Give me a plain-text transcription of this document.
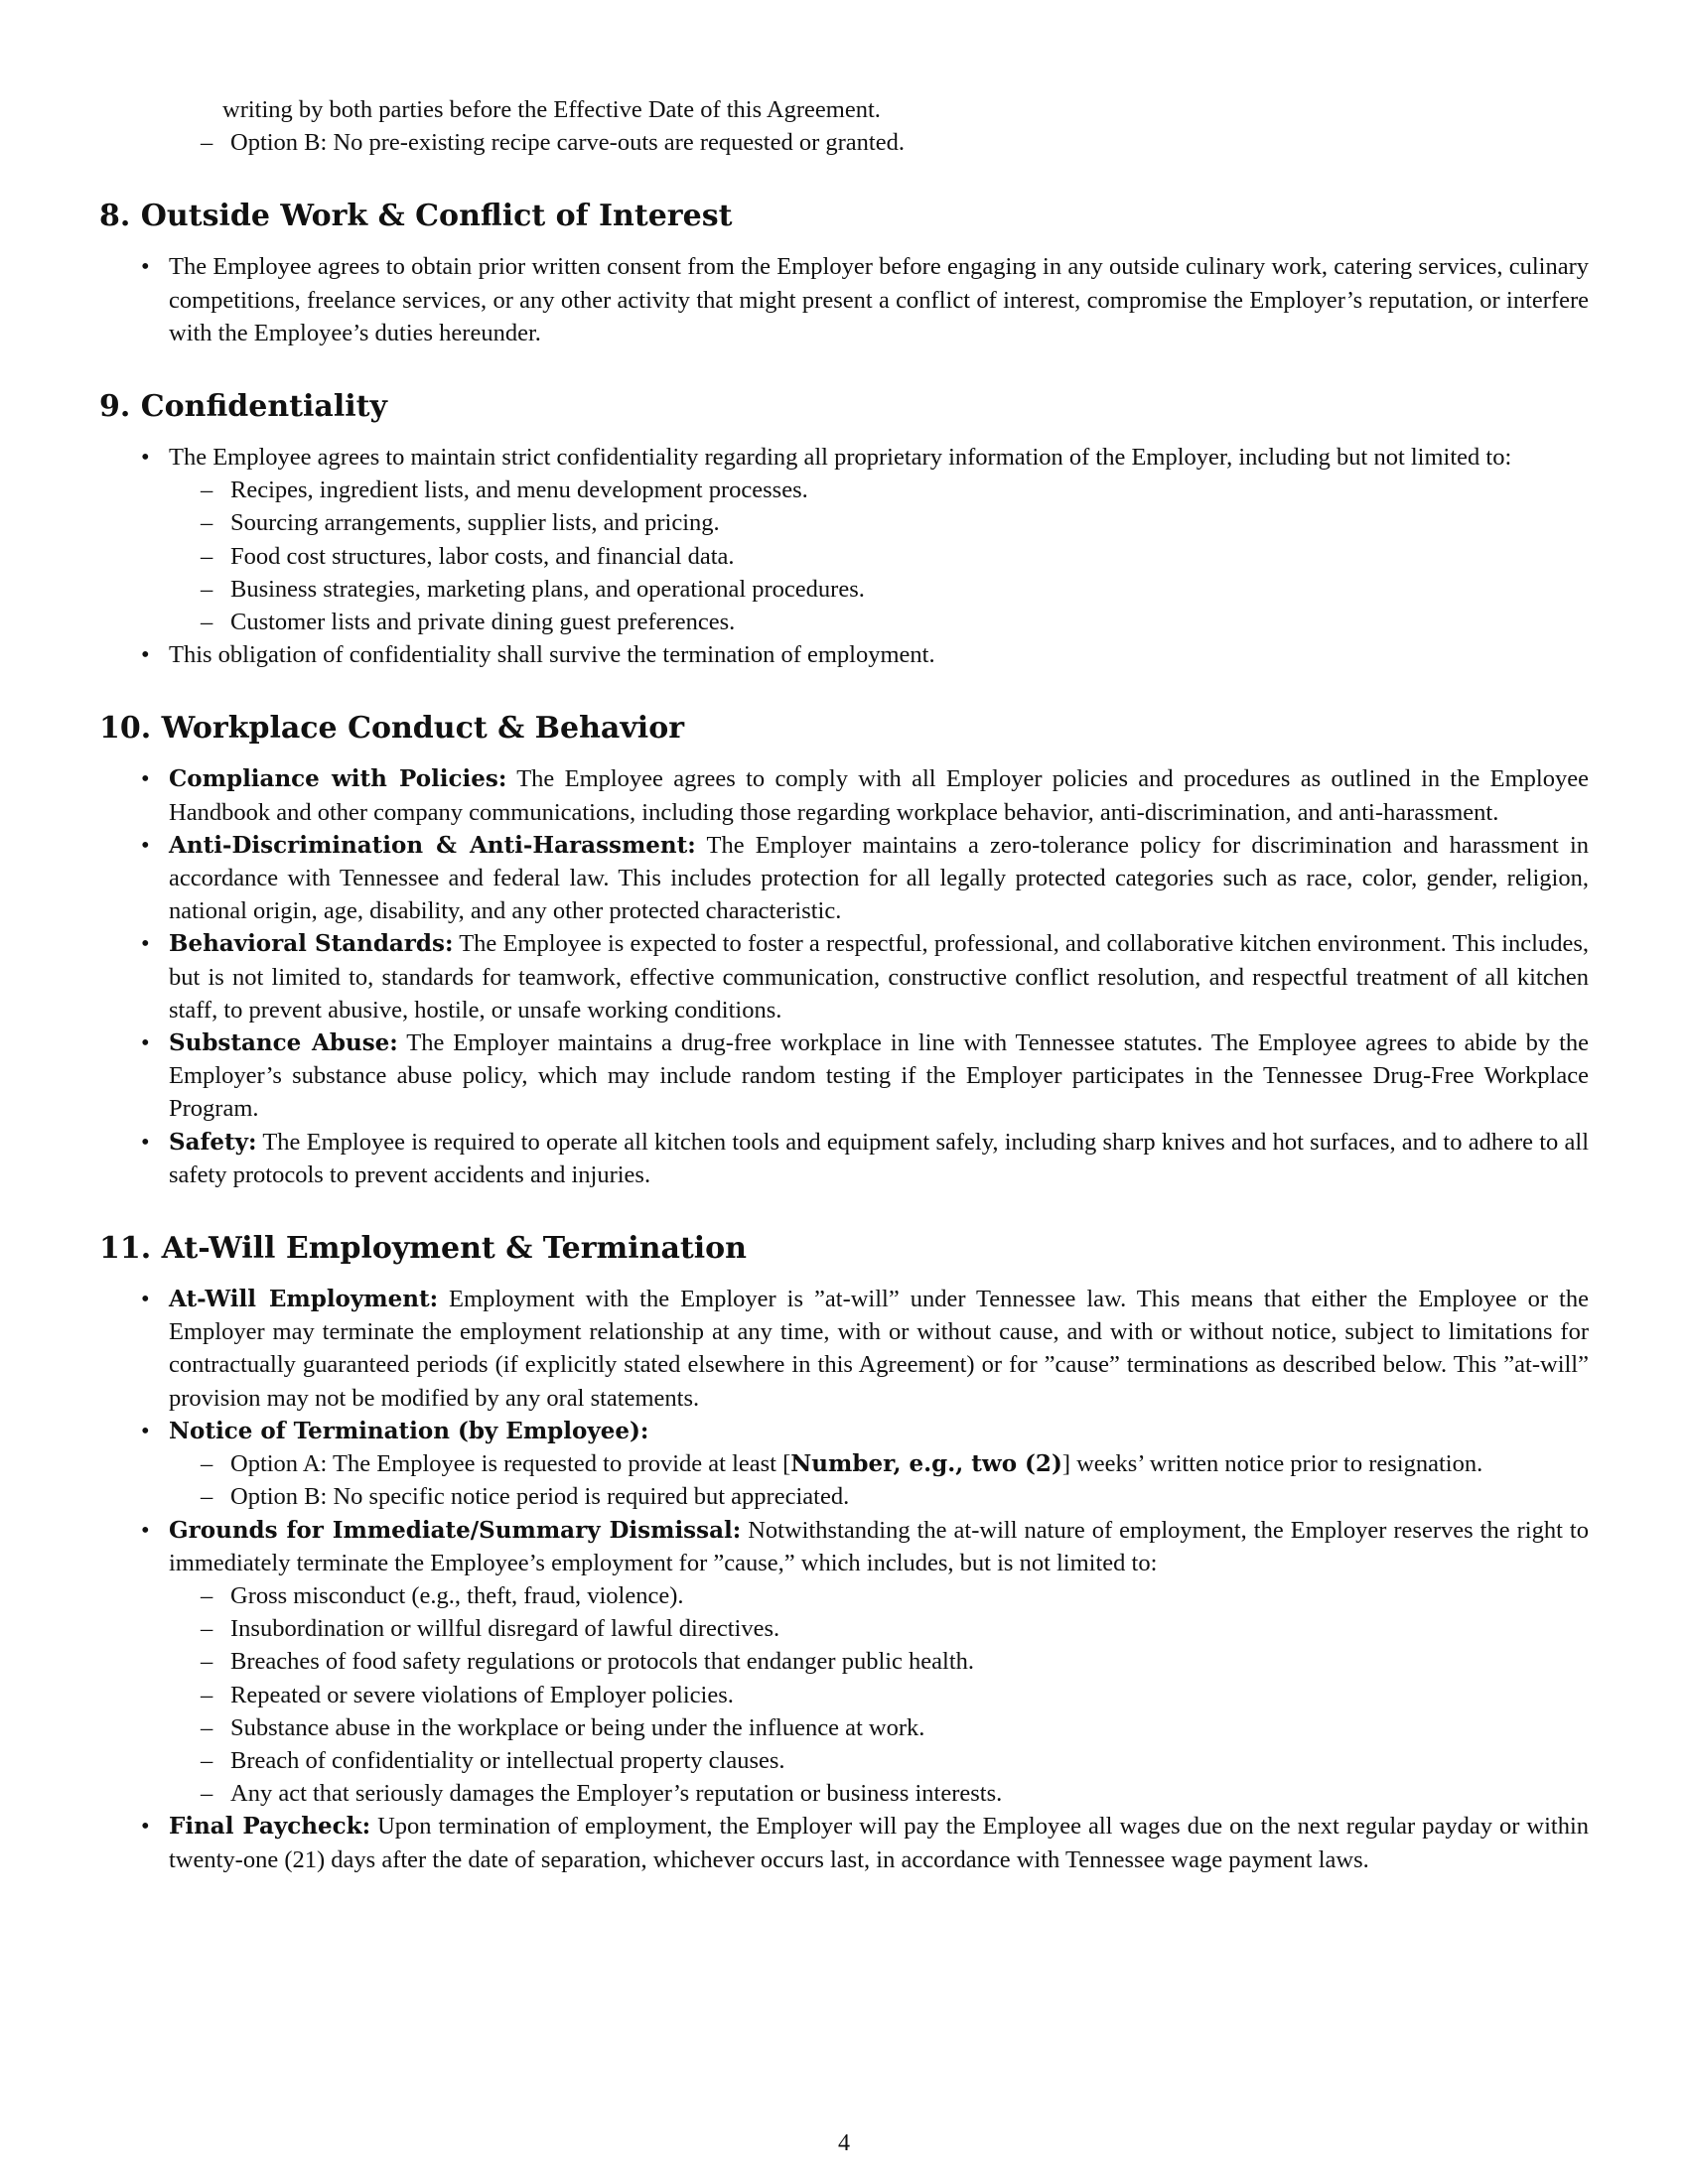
writing by both parties before the Effective Date of this Agreement.
– Option B: No pre-existing recipe carve-outs are requested or granted.
8. Outside Work & Conflict of Interest
• The Employee agrees to obtain prior written consent from the Employer before engaging in any outside culinary work, catering services, culinary competitions, freelance services, or any other activity that might present a conflict of interest, compromise the Employer’s reputation, or interfere with the Employee’s duties hereunder.
9. Confidentiality
• The Employee agrees to maintain strict confidentiality regarding all proprietary information of the Employer, including but not limited to:
– Recipes, ingredient lists, and menu development processes.
– Sourcing arrangements, supplier lists, and pricing.
– Food cost structures, labor costs, and financial data.
– Business strategies, marketing plans, and operational procedures.
– Customer lists and private dining guest preferences.
• This obligation of confidentiality shall survive the termination of employment.
10. Workplace Conduct & Behavior
• Compliance with Policies: The Employee agrees to comply with all Employer policies and procedures as outlined in the Employee Handbook and other company communications, including those regarding workplace behavior, anti-discrimination, and anti-harassment.
• Anti-Discrimination & Anti-Harassment: The Employer maintains a zero-tolerance policy for discrimination and harassment in accordance with Tennessee and federal law. This includes protection for all legally protected categories such as race, color, gender, religion, national origin, age, disability, and any other protected characteristic.
• Behavioral Standards: The Employee is expected to foster a respectful, professional, and collaborative kitchen environment. This includes, but is not limited to, standards for teamwork, effective communication, constructive conflict resolution, and respectful treatment of all kitchen staff, to prevent abusive, hostile, or unsafe working conditions.
• Substance Abuse: The Employer maintains a drug-free workplace in line with Tennessee statutes. The Employee agrees to abide by the Employer’s substance abuse policy, which may include random testing if the Employer participates in the Tennessee Drug-Free Workplace Program.
• Safety: The Employee is required to operate all kitchen tools and equipment safely, including sharp knives and hot surfaces, and to adhere to all safety protocols to prevent accidents and injuries.
11. At-Will Employment & Termination
• At-Will Employment: Employment with the Employer is ”at-will” under Tennessee law. This means that either the Employee or the Employer may terminate the employment relationship at any time, with or without cause, and with or without notice, subject to limitations for contractually guaranteed periods (if explicitly stated elsewhere in this Agreement) or for ”cause” terminations as described below. This ”at-will” provision may not be modified by any oral statements.
• Notice of Termination (by Employee):
– Option A: The Employee is requested to provide at least [Number, e.g., two (2)] weeks’ written notice prior to resignation.
– Option B: No specific notice period is required but appreciated.
• Grounds for Immediate/Summary Dismissal: Notwithstanding the at-will nature of employment, the Employer reserves the right to immediately terminate the Employee’s employment for ”cause,” which includes, but is not limited to:
– Gross misconduct (e.g., theft, fraud, violence).
– Insubordination or willful disregard of lawful directives.
– Breaches of food safety regulations or protocols that endanger public health.
– Repeated or severe violations of Employer policies.
– Substance abuse in the workplace or being under the influence at work.
– Breach of confidentiality or intellectual property clauses.
– Any act that seriously damages the Employer’s reputation or business interests.
• Final Paycheck: Upon termination of employment, the Employer will pay the Employee all wages due on the next regular payday or within twenty-one (21) days after the date of separation, whichever occurs last, in accordance with Tennessee wage payment laws.
4
